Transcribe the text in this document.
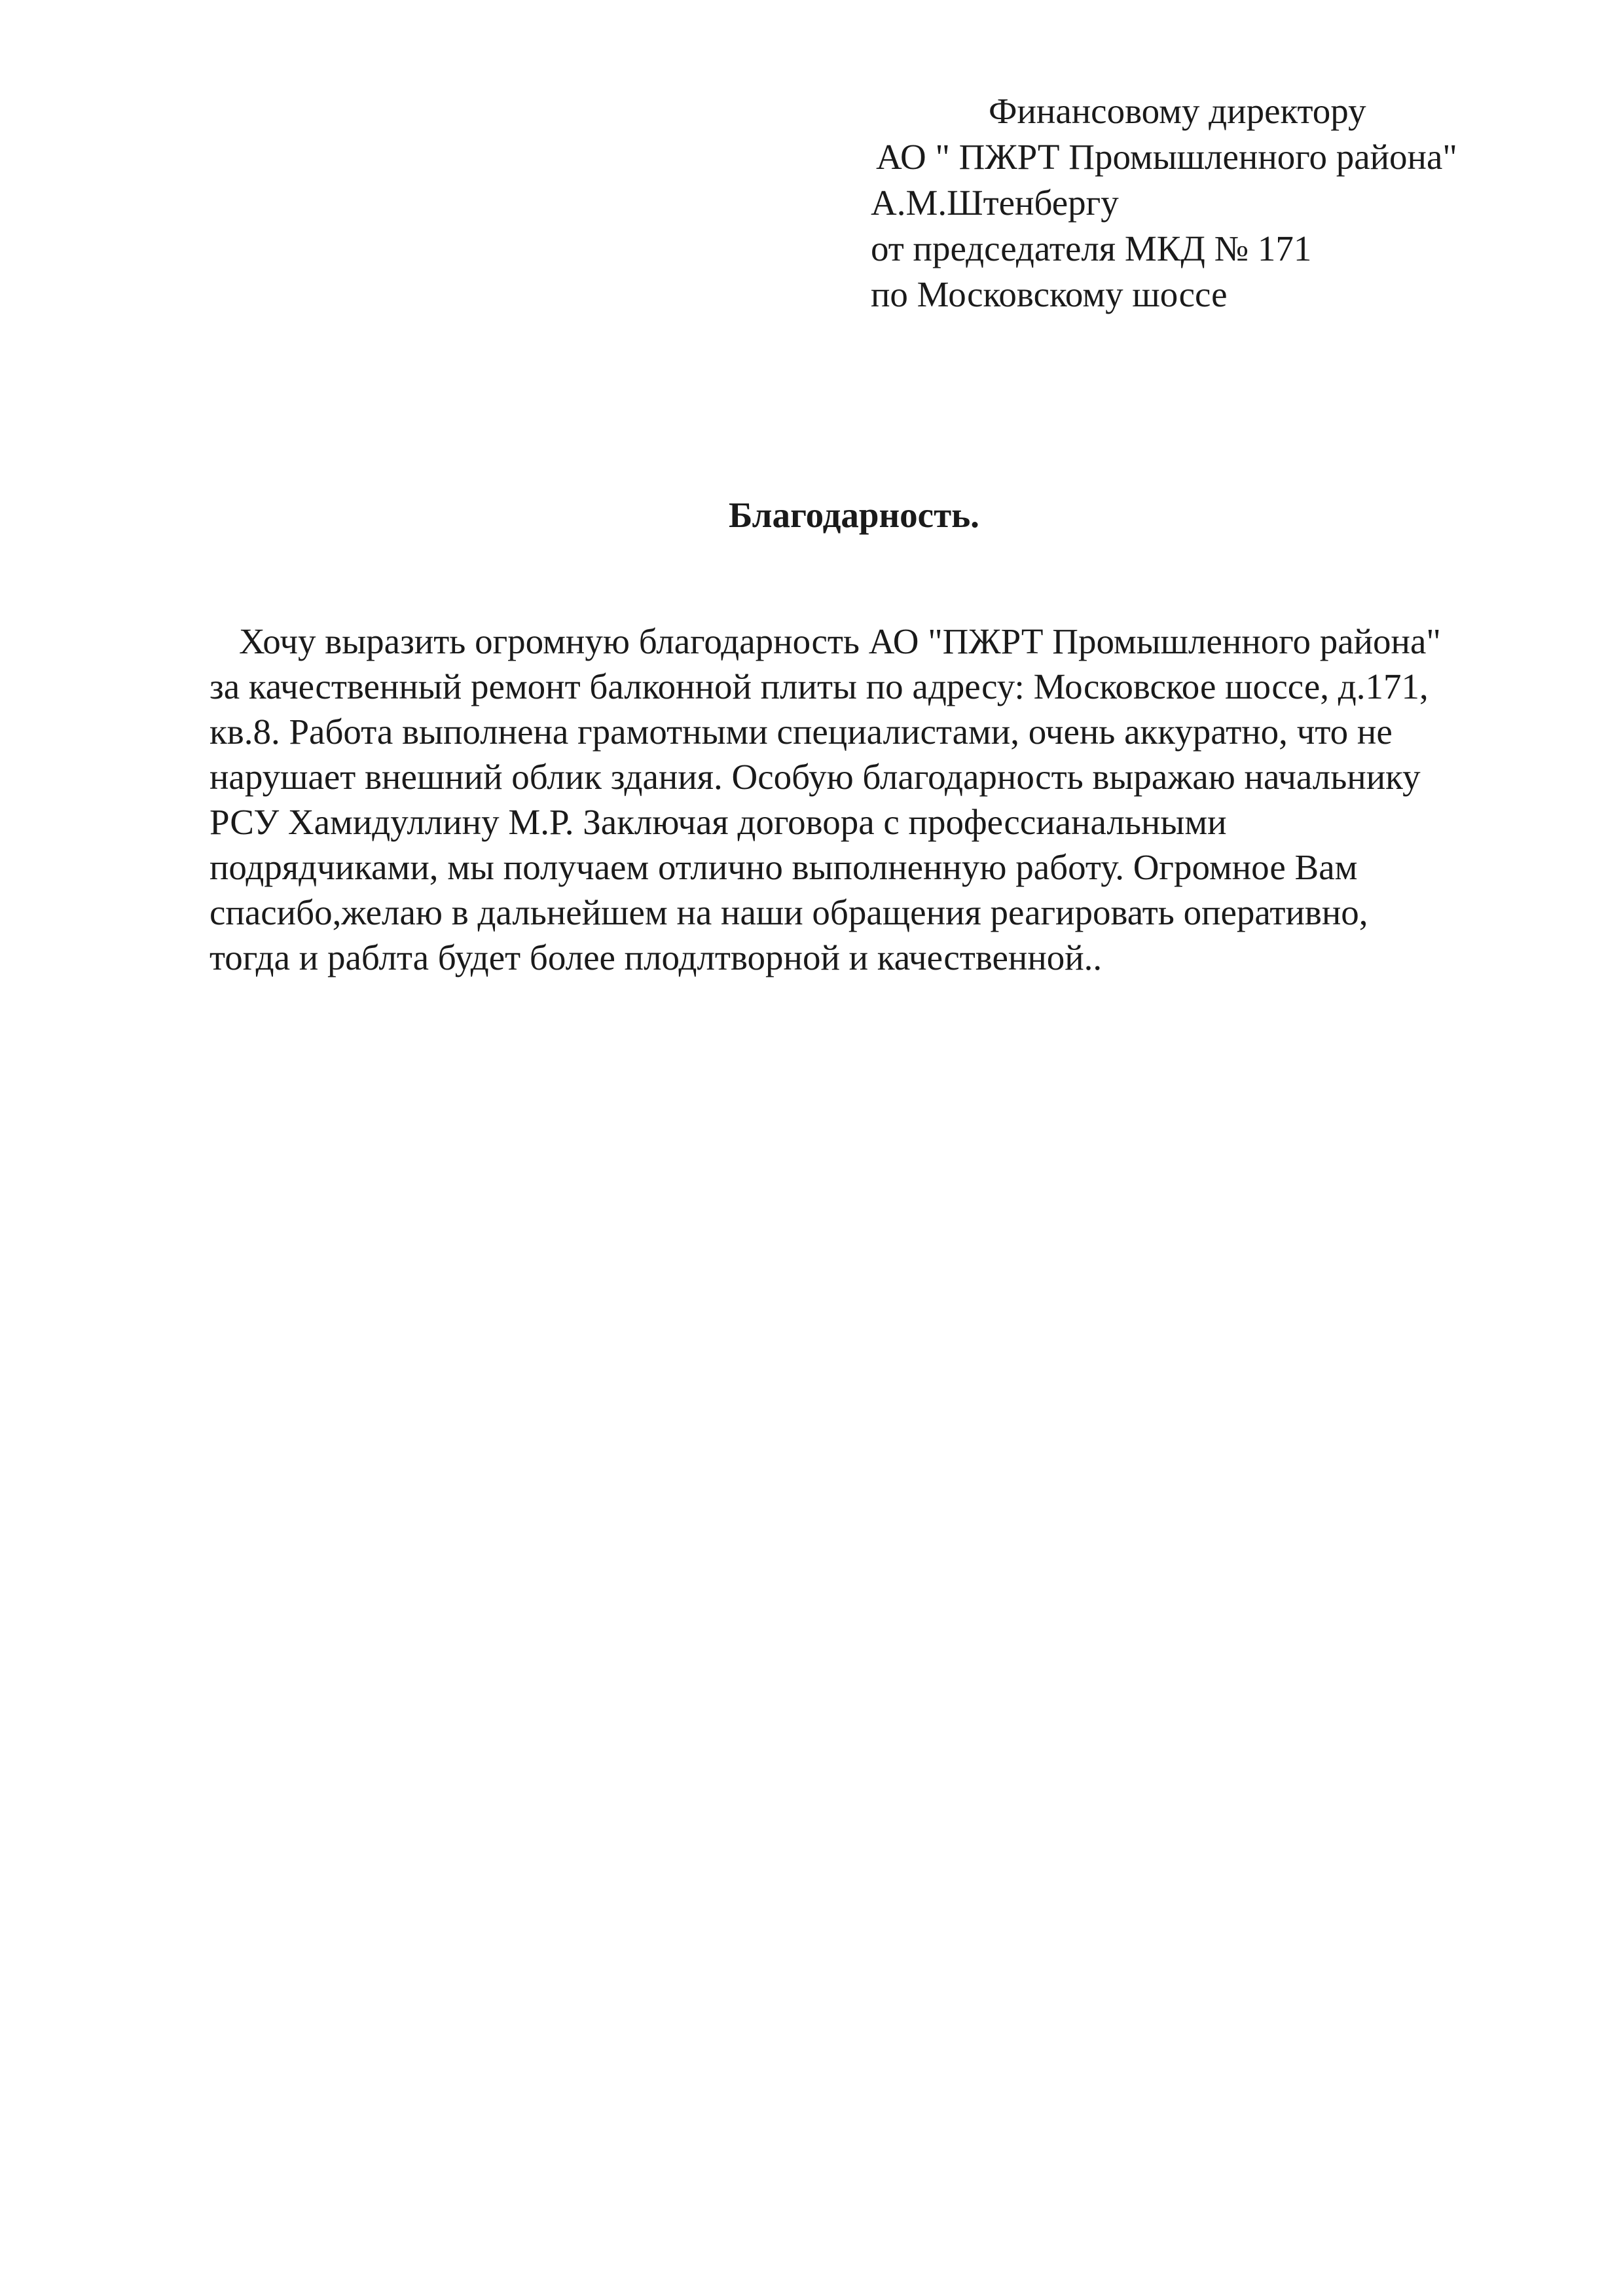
Финансовому директору
АО " ПЖРТ Промышленного района"
А.М.Штенбергу
от председателя МКД № 171
по Московскому шоссе
Благодарность.
Хочу выразить огромную благодарность АО "ПЖРТ Промышленного района"
за качественный ремонт балконной плиты по адресу: Московское шоссе, д.171,
кв.8. Работа выполнена грамотными специалистами, очень аккуратно, что не
нарушает внешний облик здания. Особую благодарность выражаю начальнику
РСУ Хамидуллину М.Р. Заключая договора с профессианальными
подрядчиками, мы получаем отлично выполненную работу. Огромное Вам
спасибо,желаю в дальнейшем на наши обращения реагировать оперативно,
тогда и раблта будет более плодлтворной и качественной..
